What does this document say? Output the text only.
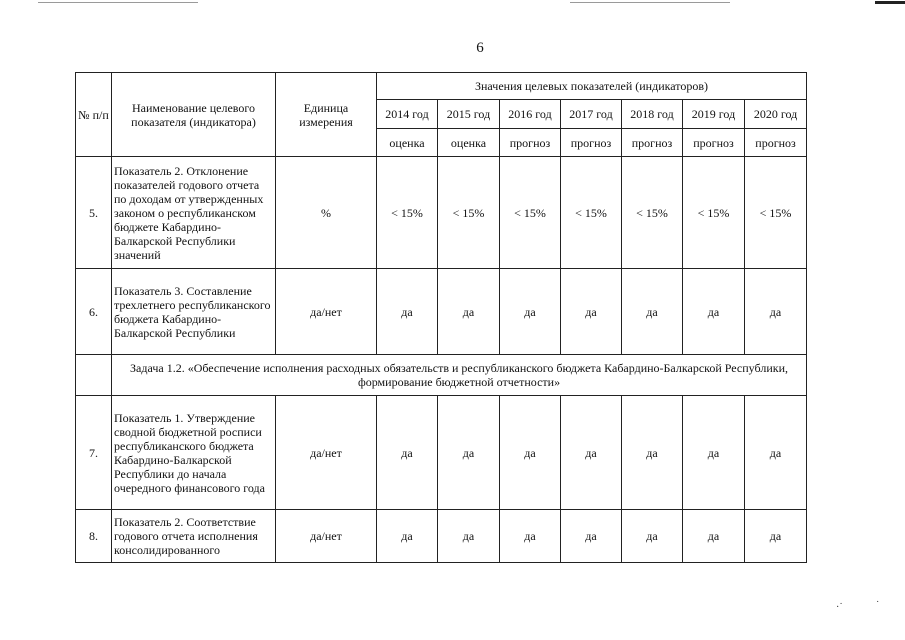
6
№ п/п	Наименование целевого показателя (индикатора)	Единица измерения	Значения целевых показателей (индикаторов)						
			2014 год	2015 год	2016 год	2017 год	2018 год	2019 год	2020 год
			оценка	оценка	прогноз	прогноз	прогноз	прогноз	прогноз
5.	Показатель 2. Отклонение показателей годового отчета по доходам от утвержденных законом о республиканском бюджете Кабардино-Балкарской Республики значений	%	< 15%	< 15%	< 15%	< 15%	< 15%	< 15%	< 15%
6.	Показатель 3. Составление трехлетнего республиканского бюджета Кабардино-Балкарской Республики	да/нет	да	да	да	да	да	да	да
	Задача 1.2. «Обеспечение исполнения расходных обязательств и республиканского бюджета Кабардино-Балкарской Республики, формирование бюджетной отчетности»								
7.	Показатель 1. Утверждение сводной бюджетной росписи республиканского бюджета Кабардино-Балкарской Республики до начала очередного финансового года	да/нет	да	да	да	да	да	да	да
8.	Показатель 2. Соответствие годового отчета исполнения консолидированного	да/нет	да	да	да	да	да	да	да
·˙	˙
